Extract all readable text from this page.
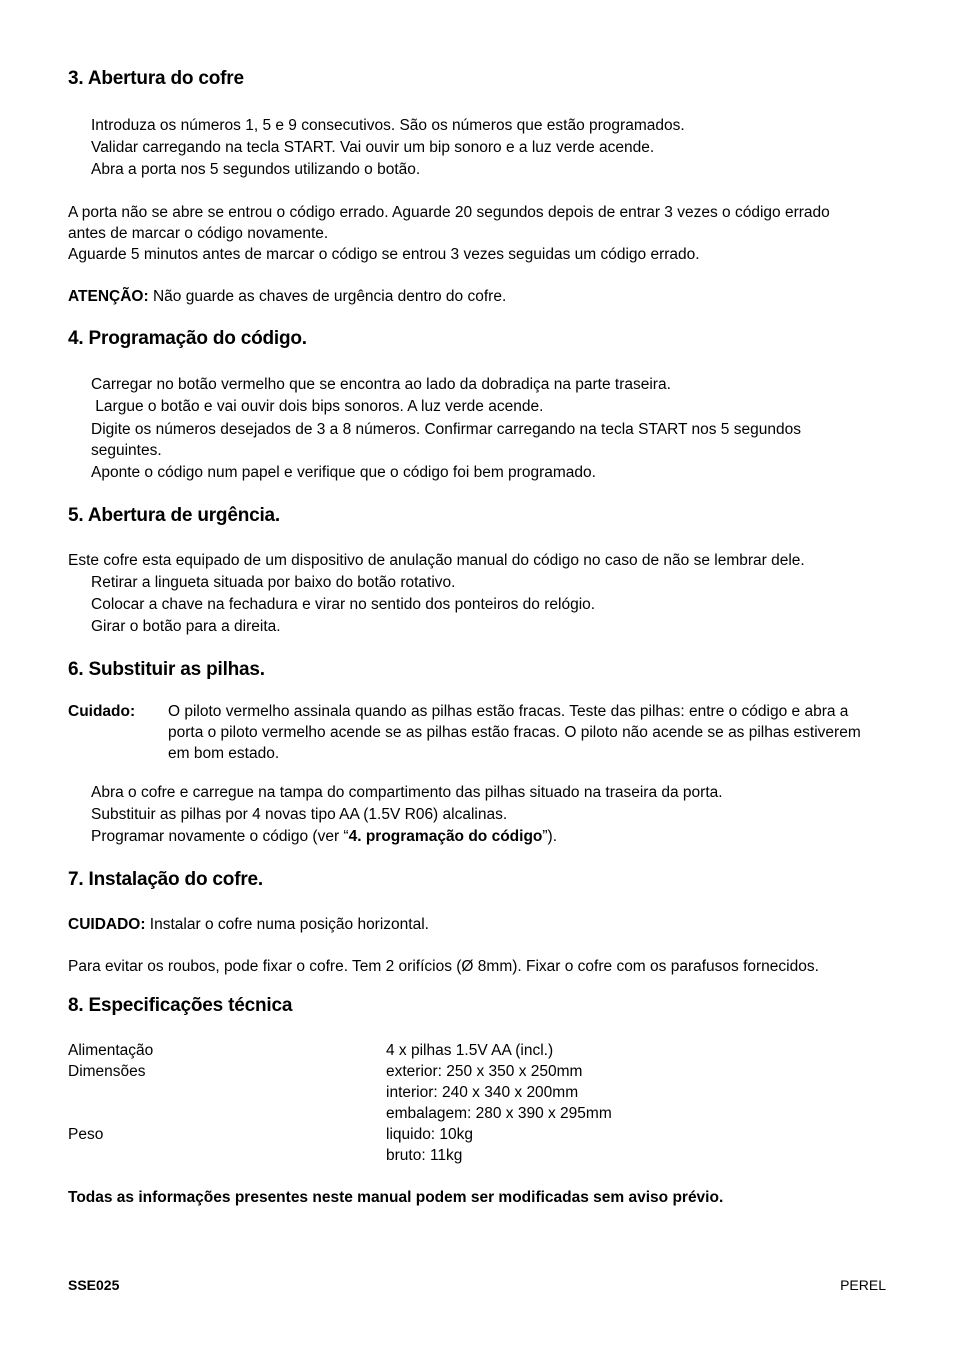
3. Abertura do cofre

Introduza os números 1, 5 e 9 consecutivos. São os números que estão programados.

Validar carregando na tecla START. Vai ouvir um bip sonoro e a luz verde acende.

Abra a porta nos 5 segundos utilizando o botão.

A porta não se abre se entrou o código errado. Aguarde 20 segundos depois de entrar 3 vezes o código errado antes de marcar o código novamente.

Aguarde 5 minutos antes de marcar o código se entrou 3 vezes seguidas um código errado.

ATENÇÃO: Não guarde as chaves de urgência dentro do cofre.

4. Programação do código.

Carregar no botão vermelho que se encontra ao lado da dobradiça na parte traseira.

Largue o botão e vai ouvir dois bips sonoros. A luz verde acende.

Digite os números desejados de 3 a 8 números. Confirmar carregando na tecla START nos 5 segundos seguintes.

Aponte o código num papel e verifique que o código foi bem programado.

5. Abertura de urgência.

Este cofre esta equipado de um dispositivo de anulação manual do código no caso de não se lembrar dele.

Retirar a lingueta situada por baixo do botão rotativo.

Colocar a chave na fechadura e virar no sentido dos ponteiros do relógio.

Girar o botão para a direita.

6. Substituir as pilhas.

Cuidado: O piloto vermelho assinala quando as pilhas estão fracas. Teste das pilhas: entre o código e abra a porta o piloto vermelho acende se as pilhas estão fracas. O piloto não acende se as pilhas estiverem em bom estado.

Abra o cofre e carregue na tampa do compartimento das pilhas situado na traseira da porta.

Substituir as pilhas por 4 novas tipo AA (1.5V R06) alcalinas.

Programar novamente o código (ver “4. programação do código”).

7. Instalação do cofre.

CUIDADO: Instalar o cofre numa posição horizontal.

Para evitar os roubos, pode fixar o cofre. Tem 2 orifícios (Ø 8mm). Fixar o cofre com os parafusos fornecidos.

8. Especificações técnica
Alimentação	4 x pilhas 1.5V AA (incl.)
Dimensões	exterior: 250 x 350 x 250mm
interior: 240 x 340 x 200mm
embalagem: 280 x 390 x 295mm
Peso	liquido: 10kg
bruto: 11kg

Todas as informações presentes neste manual podem ser modificadas sem aviso prévio.

SSE025	PEREL
